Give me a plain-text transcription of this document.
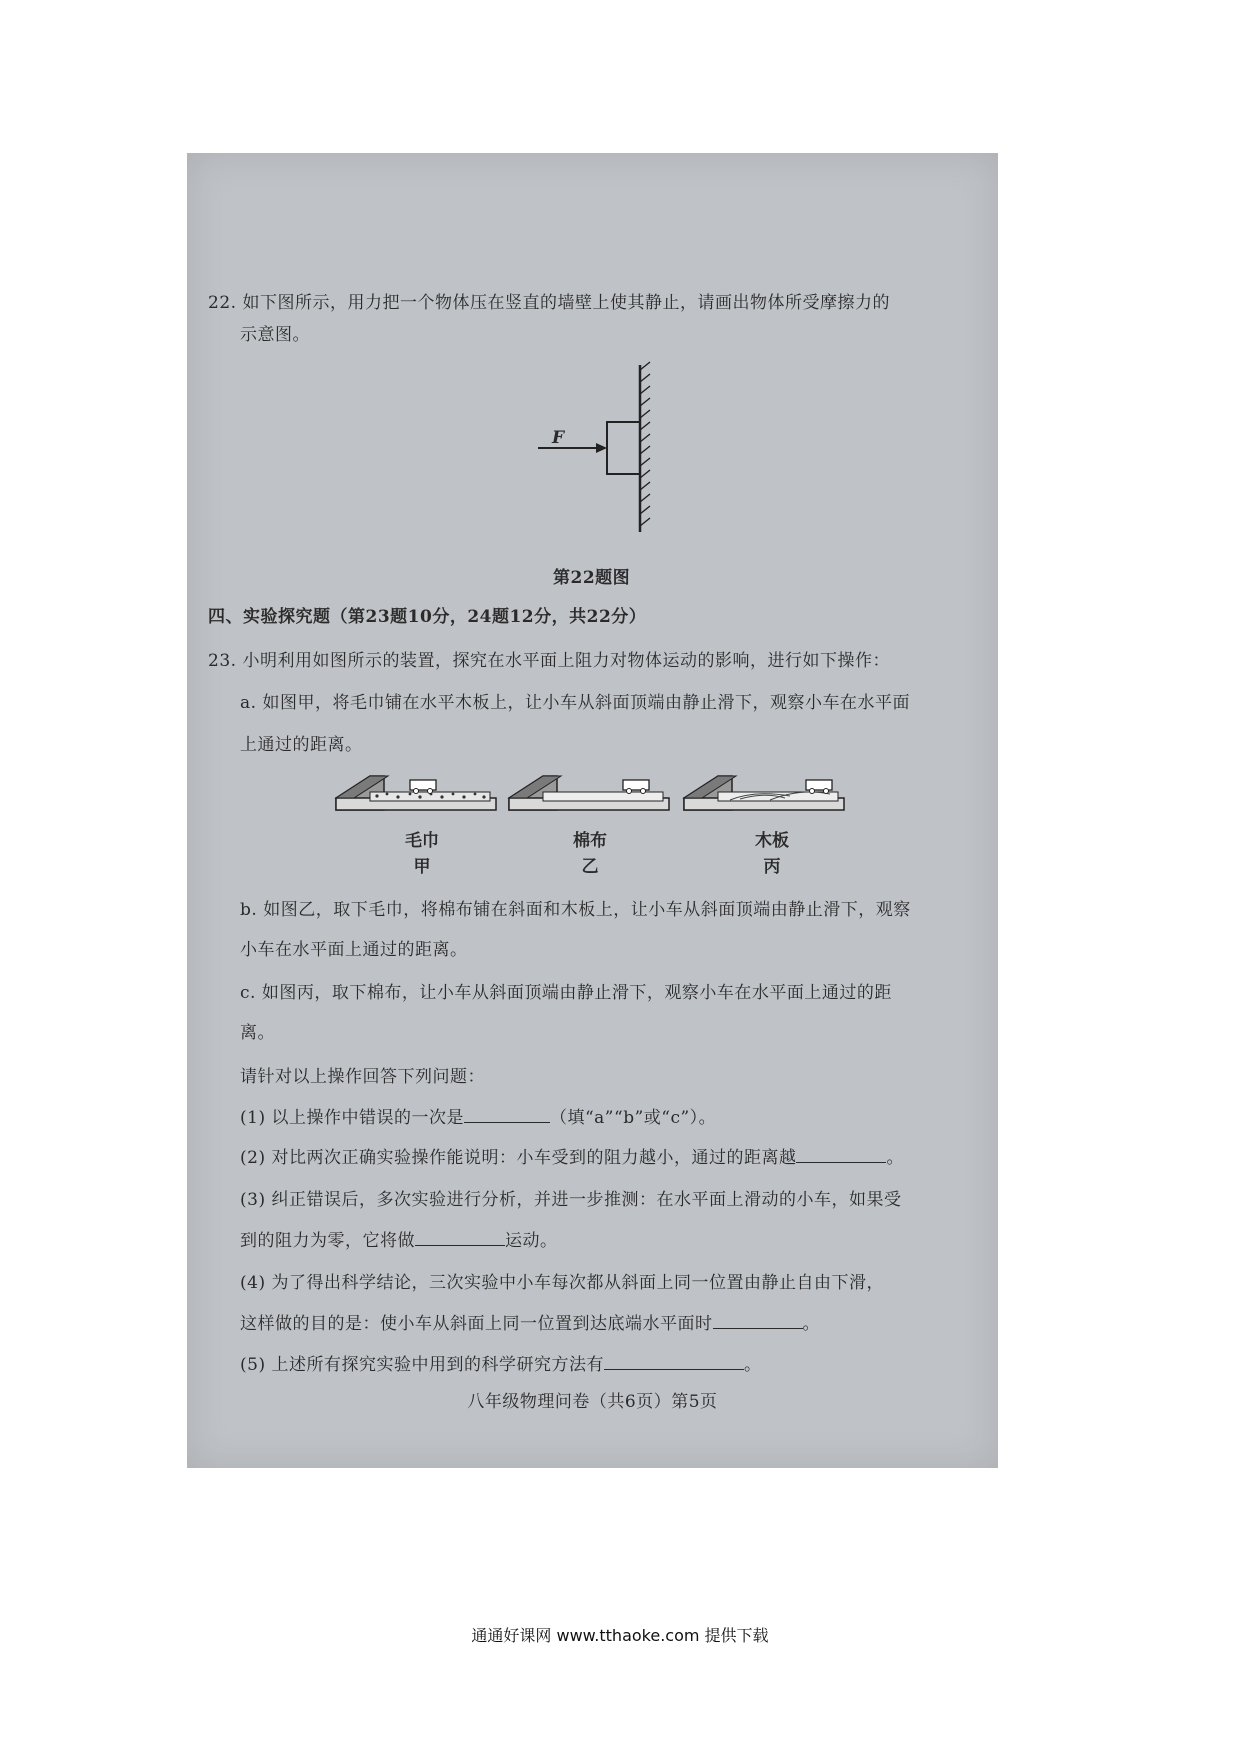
22. 如下图所示，用力把一个物体压在竖直的墙壁上使其静止，请画出物体所受摩擦力的
示意图。
F
第22题图
四、实验探究题（第23题10分，24题12分，共22分）
23. 小明利用如图所示的装置，探究在水平面上阻力对物体运动的影响，进行如下操作：
a. 如图甲，将毛巾铺在水平木板上，让小车从斜面顶端由静止滑下，观察小车在水平面
上通过的距离。
毛巾
甲
棉布
乙
木板
丙
b. 如图乙，取下毛巾，将棉布铺在斜面和木板上，让小车从斜面顶端由静止滑下，观察
小车在水平面上通过的距离。
c. 如图丙，取下棉布，让小车从斜面顶端由静止滑下，观察小车在水平面上通过的距
离。
请针对以上操作回答下列问题：
(1) 以上操作中错误的一次是	（填“a”“b”或“c”）。
(2) 对比两次正确实验操作能说明：小车受到的阻力越小，通过的距离越	。
(3) 纠正错误后，多次实验进行分析，并进一步推测：在水平面上滑动的小车，如果受
到的阻力为零，它将做	运动。
(4) 为了得出科学结论，三次实验中小车每次都从斜面上同一位置由静止自由下滑，
这样做的目的是：使小车从斜面上同一位置到达底端水平面时	。
(5) 上述所有探究实验中用到的科学研究方法有	。
八年级物理问卷（共6页）第5页
通通好课网 www.tthaoke.com 提供下载
